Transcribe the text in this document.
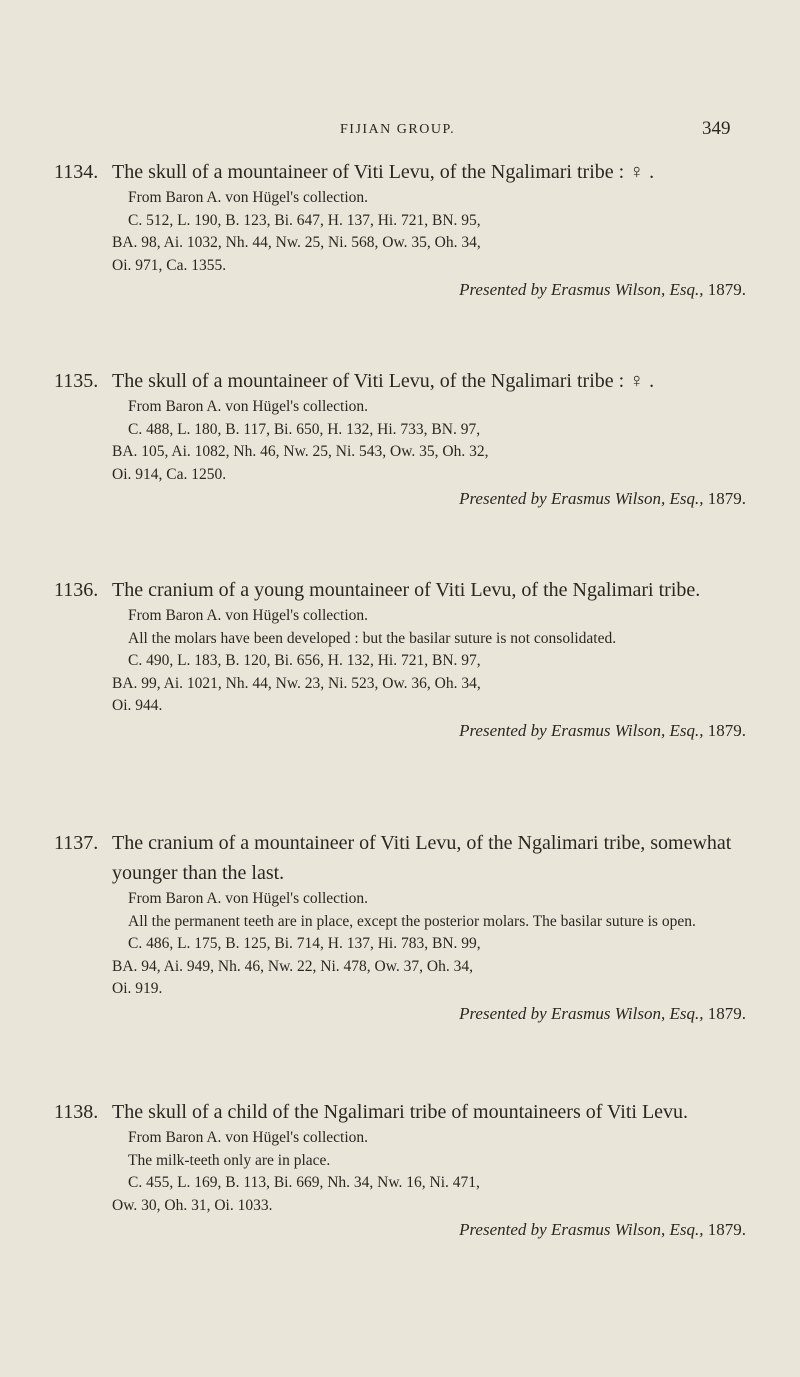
FIJIAN GROUP.	349

1134. The skull of a mountaineer of Viti Levu, of the Ngalimari tribe : ♀ .

From Baron A. von Hügel's collection.
C. 512, L. 190, B. 123, Bi. 647, H. 137, Hi. 721, BN. 95,
BA. 98, Ai. 1032, Nh. 44, Nw. 25, Ni. 568, Ow. 35, Oh. 34,
Oi. 971, Ca. 1355.
Presented by Erasmus Wilson, Esq., 1879.

1135. The skull of a mountaineer of Viti Levu, of the Ngalimari tribe : ♀ .

From Baron A. von Hügel's collection.
C. 488, L. 180, B. 117, Bi. 650, H. 132, Hi. 733, BN. 97,
BA. 105, Ai. 1082, Nh. 46, Nw. 25, Ni. 543, Ow. 35, Oh. 32,
Oi. 914, Ca. 1250.
Presented by Erasmus Wilson, Esq., 1879.

1136. The cranium of a young mountaineer of Viti Levu, of the Ngalimari tribe.

From Baron A. von Hügel's collection.
All the molars have been developed : but the basilar suture is not consolidated.
C. 490, L. 183, B. 120, Bi. 656, H. 132, Hi. 721, BN. 97,
BA. 99, Ai. 1021, Nh. 44, Nw. 23, Ni. 523, Ow. 36, Oh. 34,
Oi. 944.
Presented by Erasmus Wilson, Esq., 1879.

1137. The cranium of a mountaineer of Viti Levu, of the Ngalimari tribe, somewhat younger than the last.

From Baron A. von Hügel's collection.
All the permanent teeth are in place, except the posterior molars. The basilar suture is open.
C. 486, L. 175, B. 125, Bi. 714, H. 137, Hi. 783, BN. 99,
BA. 94, Ai. 949, Nh. 46, Nw. 22, Ni. 478, Ow. 37, Oh. 34,
Oi. 919.
Presented by Erasmus Wilson, Esq., 1879.

1138. The skull of a child of the Ngalimari tribe of mountaineers of Viti Levu.

From Baron A. von Hügel's collection.
The milk-teeth only are in place.
C. 455, L. 169, B. 113, Bi. 669, Nh. 34, Nw. 16, Ni. 471,
Ow. 30, Oh. 31, Oi. 1033.
Presented by Erasmus Wilson, Esq., 1879.
